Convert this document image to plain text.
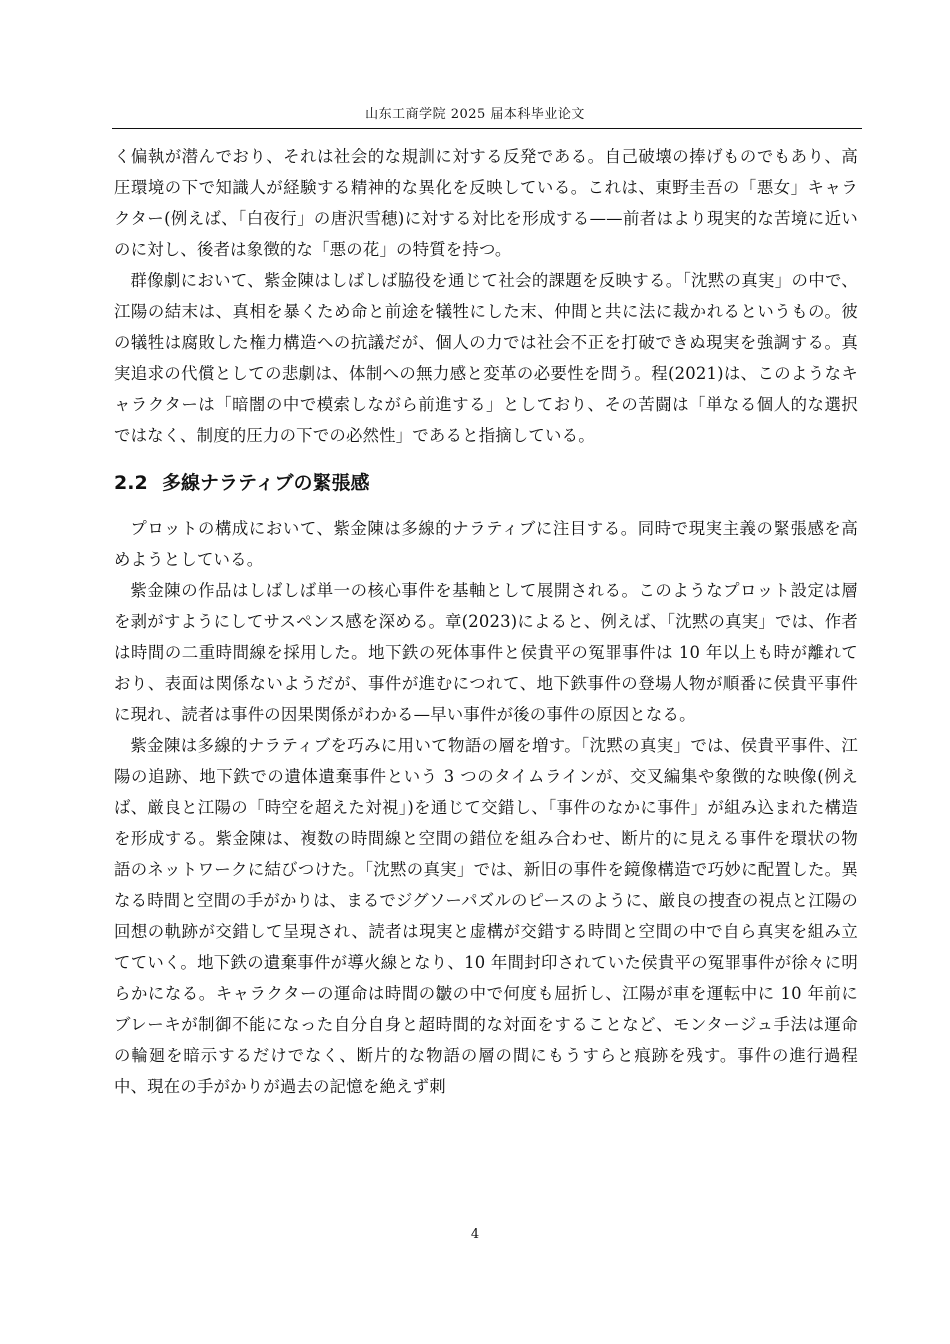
山东工商学院 2025 届本科毕业论文

く偏執が潜んでおり、それは社会的な規訓に対する反発である。自己破壊の捧げものでもあり、高圧環境の下で知識人が経験する精神的な異化を反映している。これは、東野圭吾の「悪女」キャラクター(例えば、「白夜行」の唐沢雪穂)に対する対比を形成する——前者はより現実的な苦境に近いのに対し、後者は象徴的な「悪の花」の特質を持つ。

群像劇において、紫金陳はしばしば脇役を通じて社会的課題を反映する。「沈黙の真実」の中で、江陽の結末は、真相を暴くため命と前途を犠牲にした末、仲間と共に法に裁かれるというもの。彼の犠牲は腐敗した権力構造への抗議だが、個人の力では社会不正を打破できぬ現実を強調する。真実追求の代償としての悲劇は、体制への無力感と変革の必要性を問う。程(2021)は、このようなキャラクターは「暗闇の中で模索しながら前進する」としており、その苦闘は「単なる個人的な選択ではなく、制度的圧力の下での必然性」であると指摘している。

2.2 多線ナラティブの緊張感

プロットの構成において、紫金陳は多線的ナラティブに注目する。同時で現実主義の緊張感を高めようとしている。

紫金陳の作品はしばしば単一の核心事件を基軸として展開される。このようなプロット設定は層を剥がすようにしてサスペンス感を深める。章(2023)によると、例えば、「沈黙の真実」では、作者は時間の二重時間線を採用した。地下鉄の死体事件と侯貴平の冤罪事件は 10 年以上も時が離れており、表面は関係ないようだが、事件が進むにつれて、地下鉄事件の登場人物が順番に侯貴平事件に現れ、読者は事件の因果関係がわかる—早い事件が後の事件の原因となる。

紫金陳は多線的ナラティブを巧みに用いて物語の層を増す。「沈黙の真実」では、侯貴平事件、江陽の追跡、地下鉄での遺体遺棄事件という 3 つのタイムラインが、交叉編集や象徴的な映像(例えば、厳良と江陽の「時空を超えた対視」)を通じて交錯し、「事件のなかに事件」が組み込まれた構造を形成する。紫金陳は、複数の時間線と空間の錯位を組み合わせ、断片的に見える事件を環状の物語のネットワークに結びつけた。「沈黙の真実」では、新旧の事件を鏡像構造で巧妙に配置した。異なる時間と空間の手がかりは、まるでジグソーパズルのピースのように、厳良の捜査の視点と江陽の回想の軌跡が交錯して呈現され、読者は現実と虚構が交錯する時間と空間の中で自ら真実を組み立てていく。地下鉄の遺棄事件が導火線となり、10 年間封印されていた侯貴平の冤罪事件が徐々に明らかになる。キャラクターの運命は時間の皺の中で何度も屈折し、江陽が車を運転中に 10 年前にブレーキが制御不能になった自分自身と超時間的な対面をすることなど、モンタージュ手法は運命の輪廻を暗示するだけでなく、断片的な物語の層の間にもうすらと痕跡を残す。事件の進行過程中、現在の手がかりが過去の記憶を絶えず刺

4
